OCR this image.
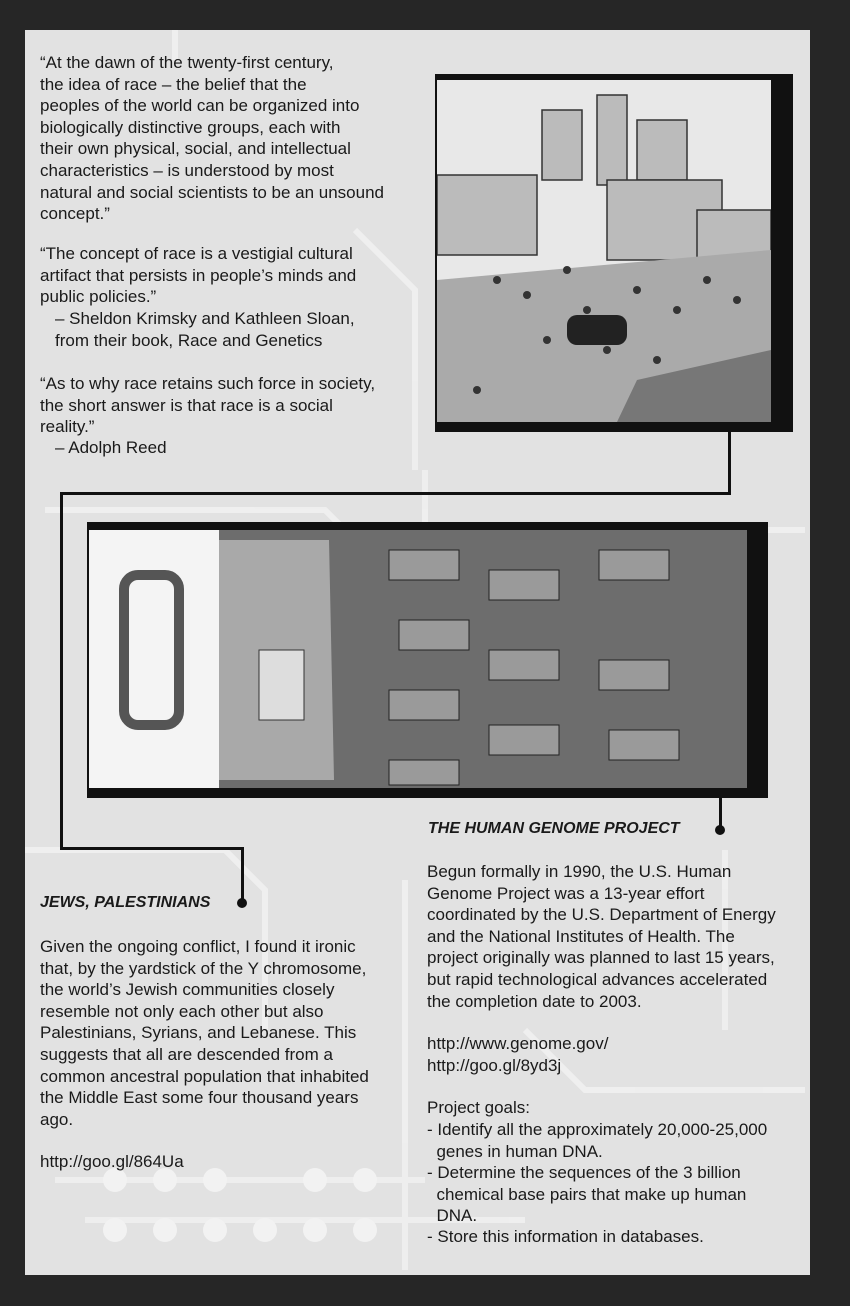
“At the dawn of the twenty-first century,
the idea of race – the belief that the
peoples of the world can be organized into
biologically distinctive groups, each with
their own physical, social, and intellectual
characteristics – is understood by most
natural and social scientists to be an unsound
concept.”
“The concept of race is a vestigial cultural
artifact that persists in people’s minds and
public policies.”
– Sheldon Krimsky and Kathleen Sloan,
from their book, Race and Genetics
“As to why race retains such force in society,
the short answer is that race is a social
reality.”
– Adolph Reed
JEWS, PALESTINIANS
Given the ongoing conflict, I found it ironic
that, by the yardstick of the Y chromosome,
the world’s Jewish communities closely
resemble not only each other but also
Palestinians, Syrians, and Lebanese. This
suggests that all are descended from a
common ancestral population that inhabited
the Middle East some four thousand years
ago.
http://goo.gl/864Ua
THE HUMAN GENOME PROJECT
Begun formally in 1990, the U.S. Human
Genome Project was a 13-year effort
coordinated by the U.S. Department of Energy
and the National Institutes of Health. The
project originally was planned to last 15 years,
but rapid technological advances accelerated
the completion date to 2003.
http://www.genome.gov/
http://goo.gl/8yd3j
Project goals:
- Identify all the approximately 20,000-25,000
genes in human DNA.
- Determine the sequences of the 3 billion
chemical base pairs that make up human
DNA.
- Store this information in databases.
